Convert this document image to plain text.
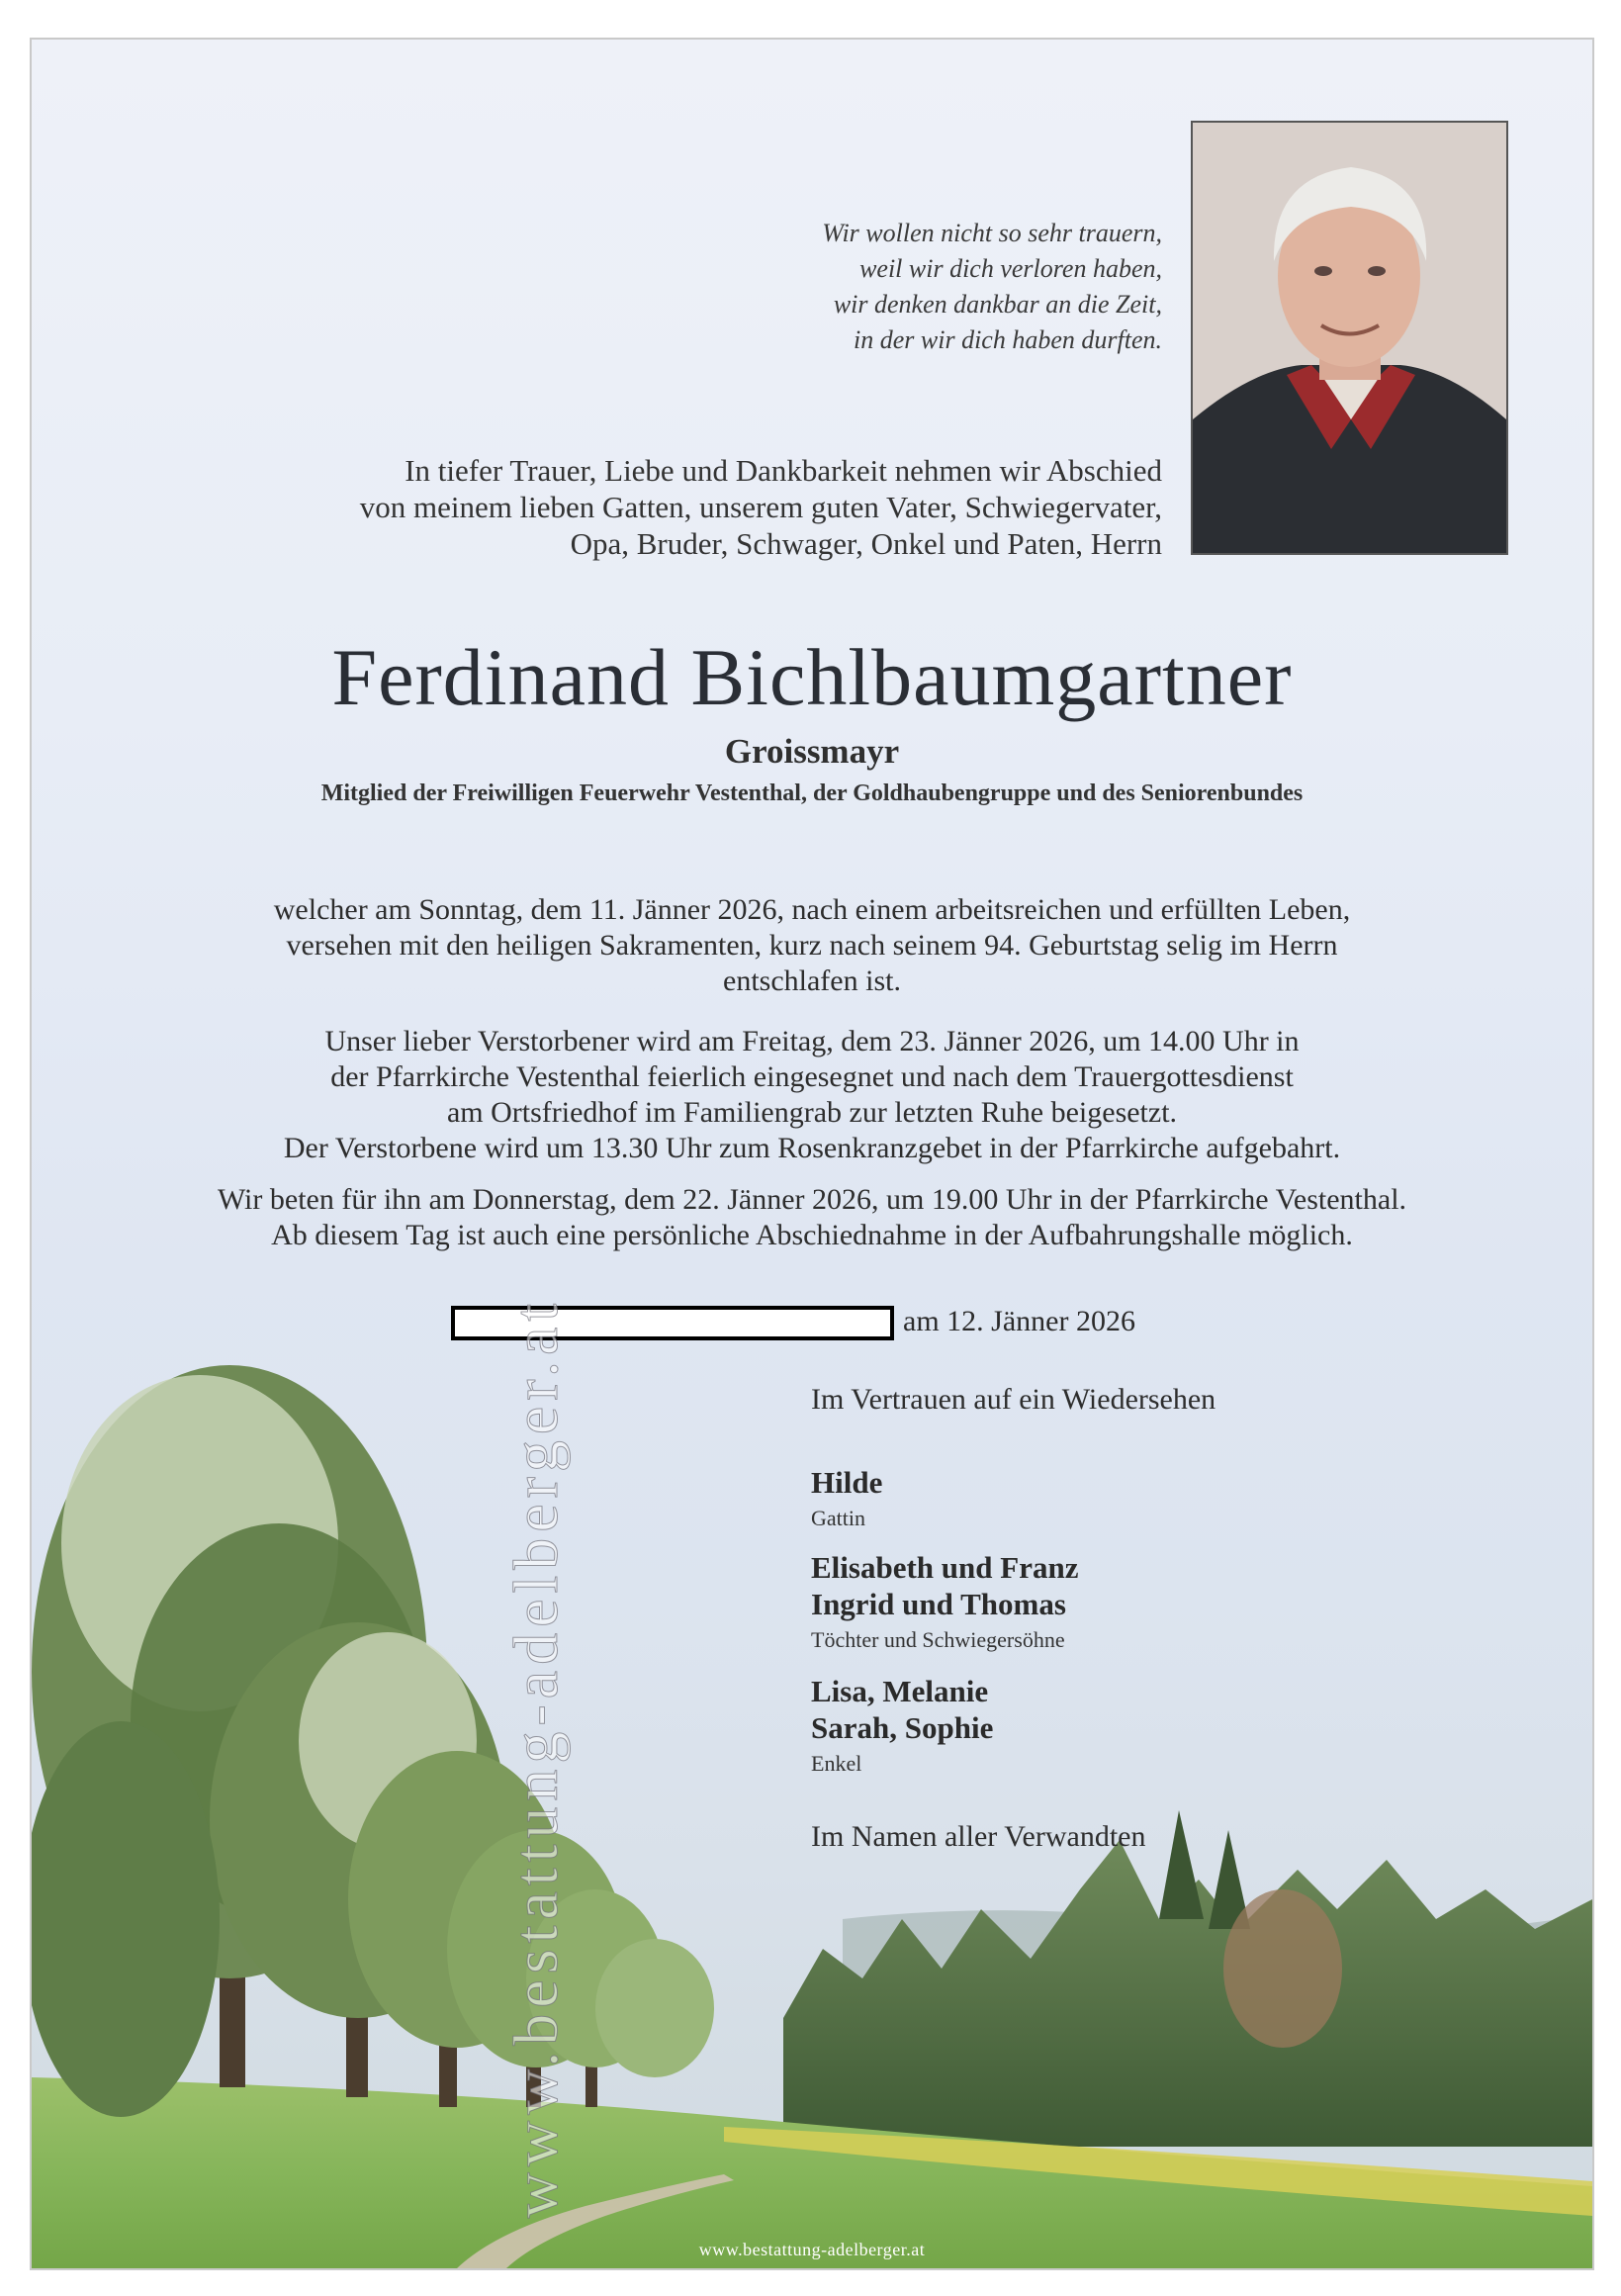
Wir wollen nicht so sehr trauern,
weil wir dich verloren haben,
wir denken dankbar an die Zeit,
in der wir dich haben durften.
In tiefer Trauer, Liebe und Dankbarkeit nehmen wir Abschied
von meinem lieben Gatten, unserem guten Vater, Schwiegervater,
Opa, Bruder, Schwager, Onkel und Paten, Herrn
Ferdinand Bichlbaumgartner
Groissmayr
Mitglied der Freiwilligen Feuerwehr Vestenthal, der Goldhaubengruppe und des Seniorenbundes
welcher am Sonntag, dem 11. Jänner 2026, nach einem arbeitsreichen und erfüllten Leben,
versehen mit den heiligen Sakramenten, kurz nach seinem 94. Geburtstag selig im Herrn
entschlafen ist.
Unser lieber Verstorbener wird am Freitag, dem 23. Jänner 2026, um 14.00 Uhr in
der Pfarrkirche Vestenthal feierlich eingesegnet und nach dem Trauergottesdienst
am Ortsfriedhof im Familiengrab zur letzten Ruhe beigesetzt.
Der Verstorbene wird um 13.30 Uhr zum Rosenkranzgebet in der Pfarrkirche aufgebahrt.
Wir beten für ihn am Donnerstag, dem 22. Jänner 2026, um 19.00 Uhr in der Pfarrkirche Vestenthal.
Ab diesem Tag ist auch eine persönliche Abschiednahme in der Aufbahrungshalle möglich.
am 12. Jänner 2026
Im Vertrauen auf ein Wiedersehen
Hilde
Gattin
Elisabeth und Franz
Ingrid und Thomas
Töchter und Schwiegersöhne
Lisa, Melanie
Sarah, Sophie
Enkel
Im Namen aller Verwandten
www.bestattung-adelberger.at
www.bestattung-adelberger.at
